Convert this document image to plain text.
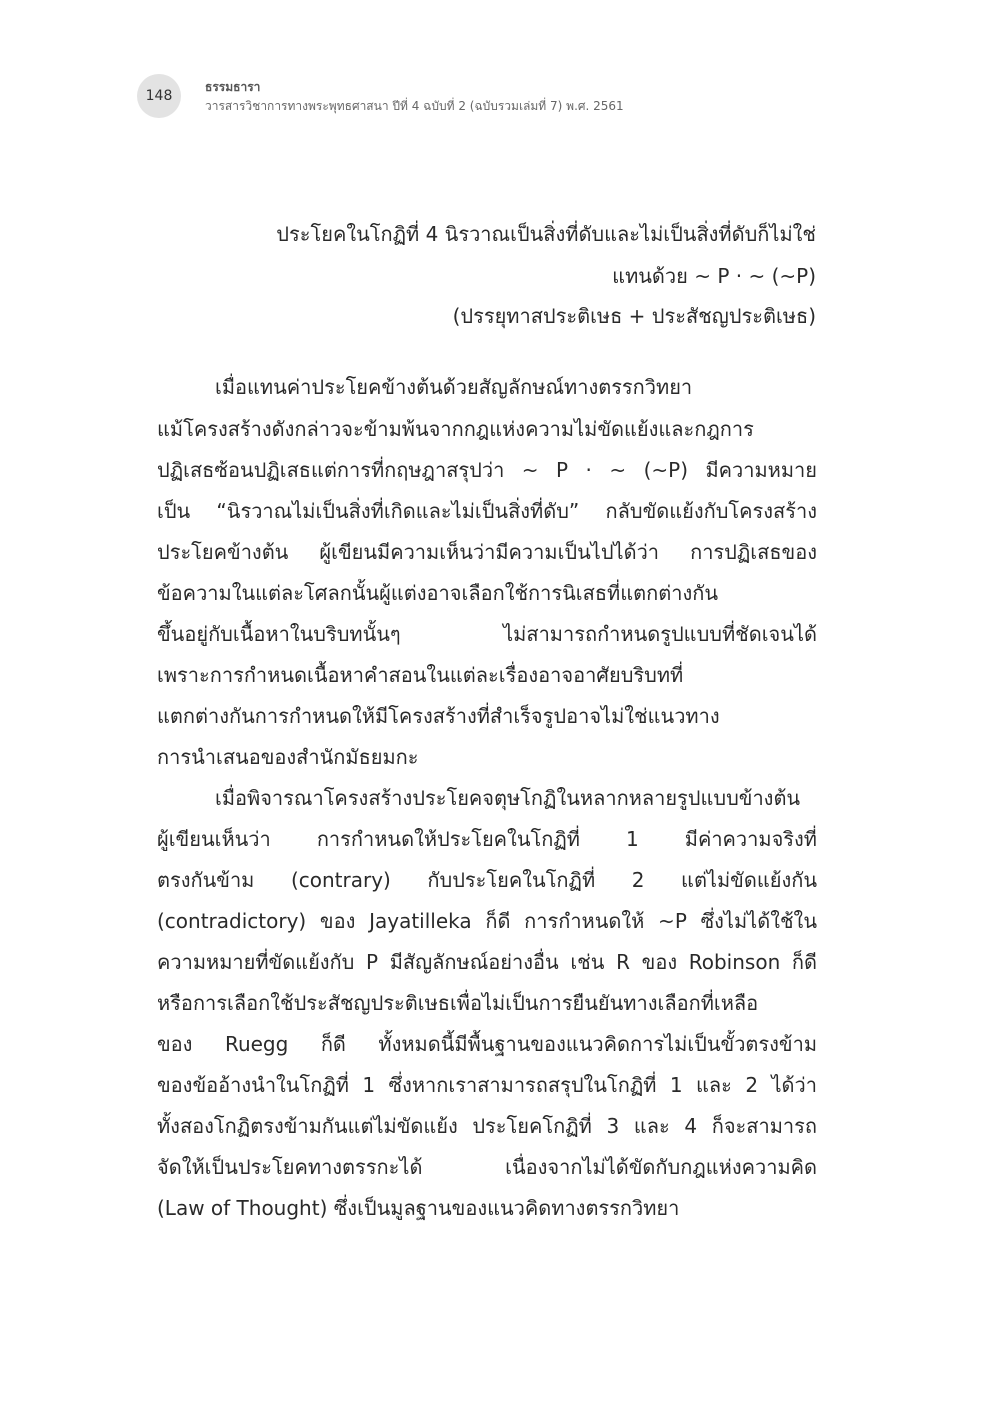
148
ธรรมธารา
วารสารวิชาการทางพระพุทธศาสนา ปีที่ 4 ฉบับที่ 2 (ฉบับรวมเล่มที่ 7) พ.ศ. 2561
ประโยคในโกฏิที่ 4 นิรวาณเป็นสิ่งที่ดับและไม่เป็นสิ่งที่ดับก็ไม่ใช่
แทนด้วย ~ P · ~ (~P)
(ปรรยุทาสประติเษธ + ประสัชญประติเษธ)
เมื่อแทนค่าประโยคข้างต้นด้วยสัญลักษณ์ทางตรรกวิทยา
แม้โครงสร้างดังกล่าวจะข้ามพ้นจากกฎแห่งความไม่ขัดแย้งและกฎการ
ปฏิเสธซ้อนปฏิเสธแต่การที่กฤษฎาสรุปว่า ~ P · ~ (~P) มีความหมาย
เป็น “นิรวาณไม่เป็นสิ่งที่เกิดและไม่เป็นสิ่งที่ดับ” กลับขัดแย้งกับโครงสร้าง
ประโยคข้างต้น ผู้เขียนมีความเห็นว่ามีความเป็นไปได้ว่า การปฏิเสธของ
ข้อความในแต่ละโศลกนั้นผู้แต่งอาจเลือกใช้การนิเสธที่แตกต่างกัน
ขึ้นอยู่กับเนื้อหาในบริบทนั้นๆ ไม่สามารถกำหนดรูปแบบที่ชัดเจนได้
เพราะการกำหนดเนื้อหาคำสอนในแต่ละเรื่องอาจอาศัยบริบทที่
แตกต่างกันการกำหนดให้มีโครงสร้างที่สำเร็จรูปอาจไม่ใช่แนวทาง
การนำเสนอของสำนักมัธยมกะ
เมื่อพิจารณาโครงสร้างประโยคจตุษโกฏิในหลากหลายรูปแบบข้างต้น
ผู้เขียนเห็นว่า การกำหนดให้ประโยคในโกฏิที่ 1 มีค่าความจริงที่
ตรงกันข้าม (contrary) กับประโยคในโกฏิที่ 2 แต่ไม่ขัดแย้งกัน
(contradictory) ของ Jayatilleka ก็ดี การกำหนดให้ ~P ซึ่งไม่ได้ใช้ใน
ความหมายที่ขัดแย้งกับ P มีสัญลักษณ์อย่างอื่น เช่น R ของ Robinson ก็ดี
หรือการเลือกใช้ประสัชญประติเษธเพื่อไม่เป็นการยืนยันทางเลือกที่เหลือ
ของ Ruegg ก็ดี ทั้งหมดนี้มีพื้นฐานของแนวคิดการไม่เป็นขั้วตรงข้าม
ของข้ออ้างนำในโกฏิที่ 1 ซึ่งหากเราสามารถสรุปในโกฏิที่ 1 และ 2 ได้ว่า
ทั้งสองโกฏิตรงข้ามกันแต่ไม่ขัดแย้ง ประโยคโกฏิที่ 3 และ 4 ก็จะสามารถ
จัดให้เป็นประโยคทางตรรกะได้ เนื่องจากไม่ได้ขัดกับกฎแห่งความคิด
(Law of Thought) ซึ่งเป็นมูลฐานของแนวคิดทางตรรกวิทยา
